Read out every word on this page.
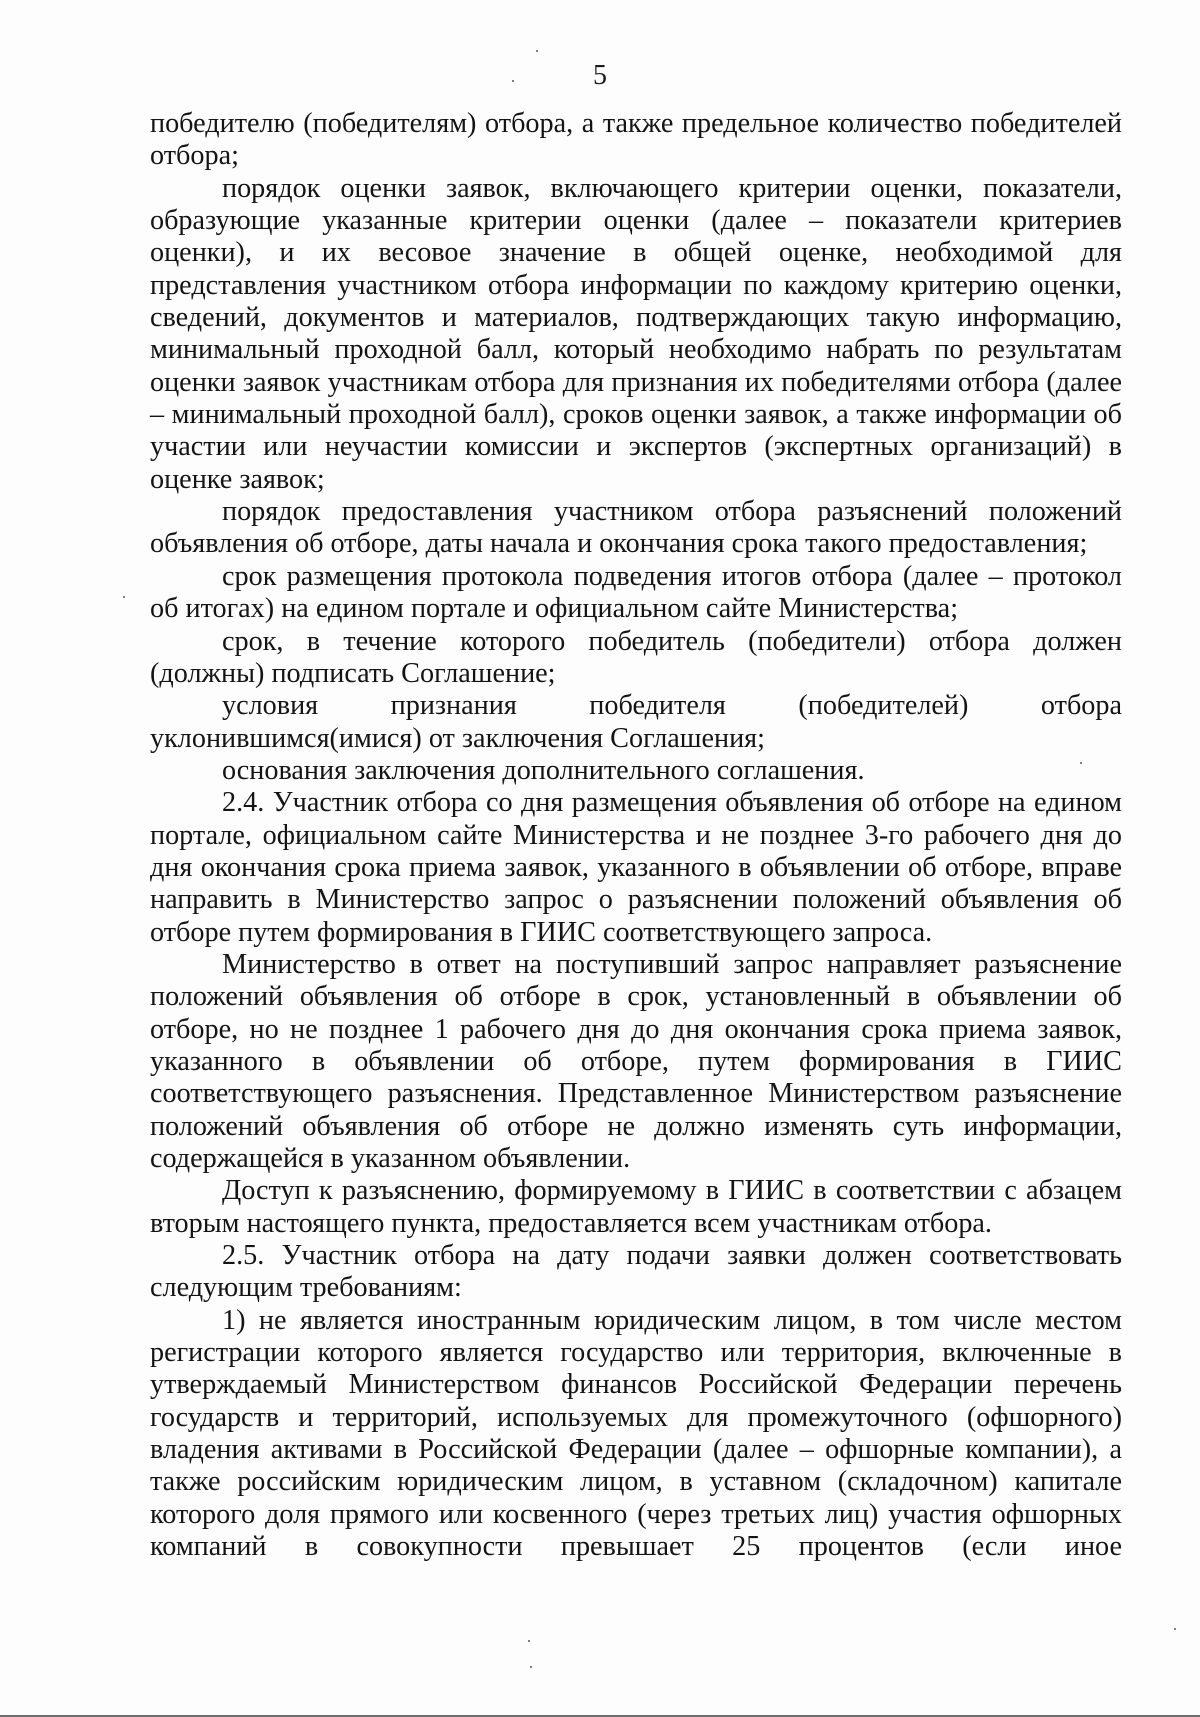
5

победителю (победителям) отбора, а также предельное количество победителей отбора;

порядок оценки заявок, включающего критерии оценки, показатели, образующие указанные критерии оценки (далее – показатели критериев оценки), и их весовое значение в общей оценке, необходимой для представления участником отбора информации по каждому критерию оценки, сведений, документов и материалов, подтверждающих такую информацию, минимальный проходной балл, который необходимо набрать по результатам оценки заявок участникам отбора для признания их победителями отбора (далее – минимальный проходной балл), сроков оценки заявок, а также информации об участии или неучастии комиссии и экспертов (экспертных организаций) в оценке заявок;

порядок предоставления участником отбора разъяснений положений объявления об отборе, даты начала и окончания срока такого предоставления;

срок размещения протокола подведения итогов отбора (далее – протокол об итогах) на едином портале и официальном сайте Министерства;

срок, в течение которого победитель (победители) отбора должен (должны) подписать Соглашение;

условия признания победителя (победителей) отбора уклонившимся(имися) от заключения Соглашения;

основания заключения дополнительного соглашения.

2.4. Участник отбора со дня размещения объявления об отборе на едином портале, официальном сайте Министерства и не позднее 3-го рабочего дня до дня окончания срока приема заявок, указанного в объявлении об отборе, вправе направить в Министерство запрос о разъяснении положений объявления об отборе путем формирования в ГИИС соответствующего запроса.

Министерство в ответ на поступивший запрос направляет разъяснение положений объявления об отборе в срок, установленный в объявлении об отборе, но не позднее 1 рабочего дня до дня окончания срока приема заявок, указанного в объявлении об отборе, путем формирования в ГИИС соответствующего разъяснения. Представленное Министерством разъяснение положений объявления об отборе не должно изменять суть информации, содержащейся в указанном объявлении.

Доступ к разъяснению, формируемому в ГИИС в соответствии с абзацем вторым настоящего пункта, предоставляется всем участникам отбора.

2.5. Участник отбора на дату подачи заявки должен соответствовать следующим требованиям:

1) не является иностранным юридическим лицом, в том числе местом регистрации которого является государство или территория, включенные в утверждаемый Министерством финансов Российской Федерации перечень государств и территорий, используемых для промежуточного (офшорного) владения активами в Российской Федерации (далее – офшорные компании), а также российским юридическим лицом, в уставном (складочном) капитале которого доля прямого или косвенного (через третьих лиц) участия офшорных компаний в совокупности превышает 25 процентов (если иное
